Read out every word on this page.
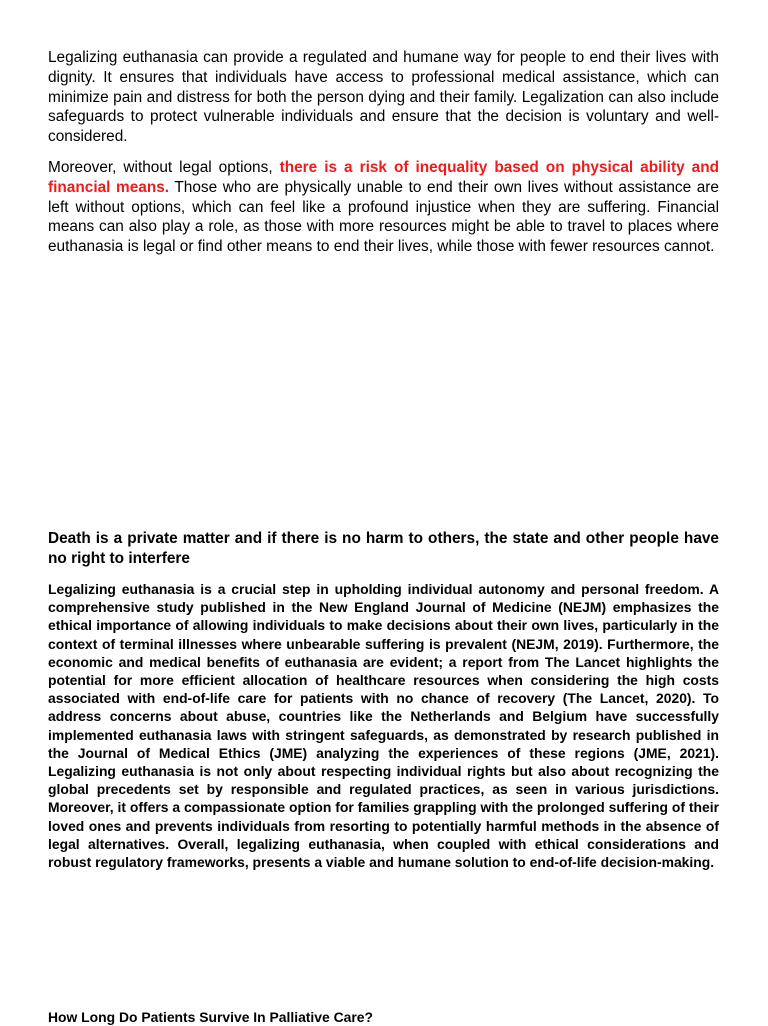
Legalizing euthanasia can provide a regulated and humane way for people to end their lives with dignity. It ensures that individuals have access to professional medical assistance, which can minimize pain and distress for both the person dying and their family. Legalization can also include safeguards to protect vulnerable individuals and ensure that the decision is voluntary and well-considered.

Moreover, without legal options, there is a risk of inequality based on physical ability and financial means. Those who are physically unable to end their own lives without assistance are left without options, which can feel like a profound injustice when they are suffering. Financial means can also play a role, as those with more resources might be able to travel to places where euthanasia is legal or find other means to end their lives, while those with fewer resources cannot.

Death is a private matter and if there is no harm to others, the state and other people have no right to interfere

Legalizing euthanasia is a crucial step in upholding individual autonomy and personal freedom. A comprehensive study published in the New England Journal of Medicine (NEJM) emphasizes the ethical importance of allowing individuals to make decisions about their own lives, particularly in the context of terminal illnesses where unbearable suffering is prevalent (NEJM, 2019). Furthermore, the economic and medical benefits of euthanasia are evident; a report from The Lancet highlights the potential for more efficient allocation of healthcare resources when considering the high costs associated with end-of-life care for patients with no chance of recovery (The Lancet, 2020). To address concerns about abuse, countries like the Netherlands and Belgium have successfully implemented euthanasia laws with stringent safeguards, as demonstrated by research published in the Journal of Medical Ethics (JME) analyzing the experiences of these regions (JME, 2021). Legalizing euthanasia is not only about respecting individual rights but also about recognizing the global precedents set by responsible and regulated practices, as seen in various jurisdictions. Moreover, it offers a compassionate option for families grappling with the prolonged suffering of their loved ones and prevents individuals from resorting to potentially harmful methods in the absence of legal alternatives. Overall, legalizing euthanasia, when coupled with ethical considerations and robust regulatory frameworks, presents a viable and humane solution to end-of-life decision-making.

How Long Do Patients Survive In Palliative Care?
